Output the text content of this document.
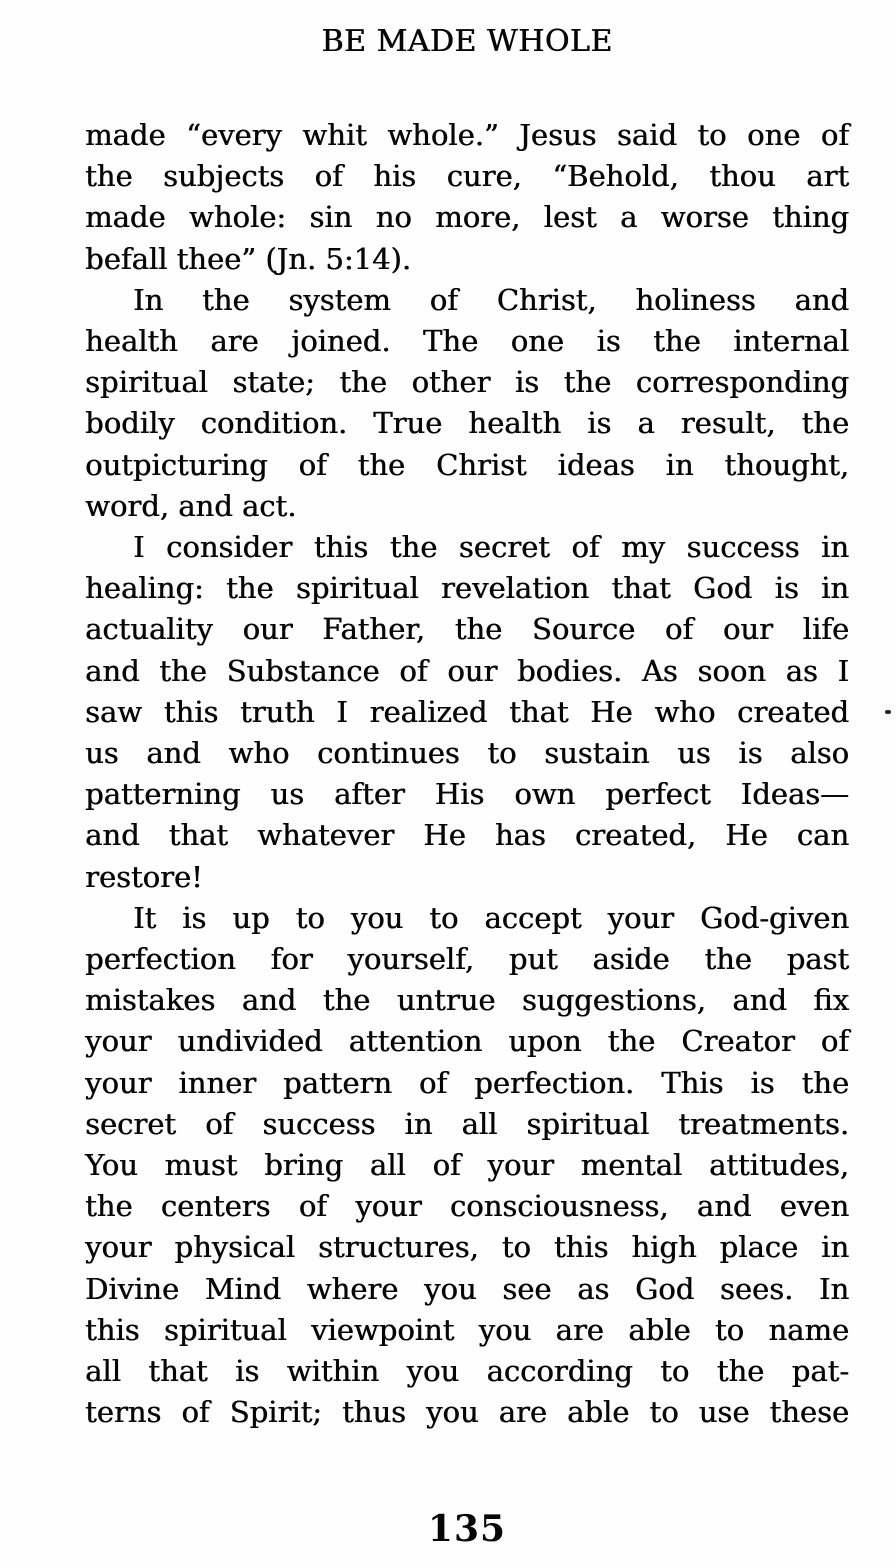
BE MADE WHOLE
made “every whit whole.” Jesus said to one of
the subjects of his cure, “Behold, thou art
made whole: sin no more, lest a worse thing
befall thee” (Jn. 5:14).
In the system of Christ, holiness and
health are joined. The one is the internal
spiritual state; the other is the corresponding
bodily condition. True health is a result, the
outpicturing of the Christ ideas in thought,
word, and act.
I consider this the secret of my success in
healing: the spiritual revelation that God is in
actuality our Father, the Source of our life
and the Substance of our bodies. As soon as I
saw this truth I realized that He who created
us and who continues to sustain us is also
patterning us after His own perfect Ideas—
and that whatever He has created, He can
restore!
It is up to you to accept your God-given
perfection for yourself, put aside the past
mistakes and the untrue suggestions, and fix
your undivided attention upon the Creator of
your inner pattern of perfection. This is the
secret of success in all spiritual treatments.
You must bring all of your mental attitudes,
the centers of your consciousness, and even
your physical structures, to this high place in
Divine Mind where you see as God sees. In
this spiritual viewpoint you are able to name
all that is within you according to the pat-
terns of Spirit; thus you are able to use these
135
